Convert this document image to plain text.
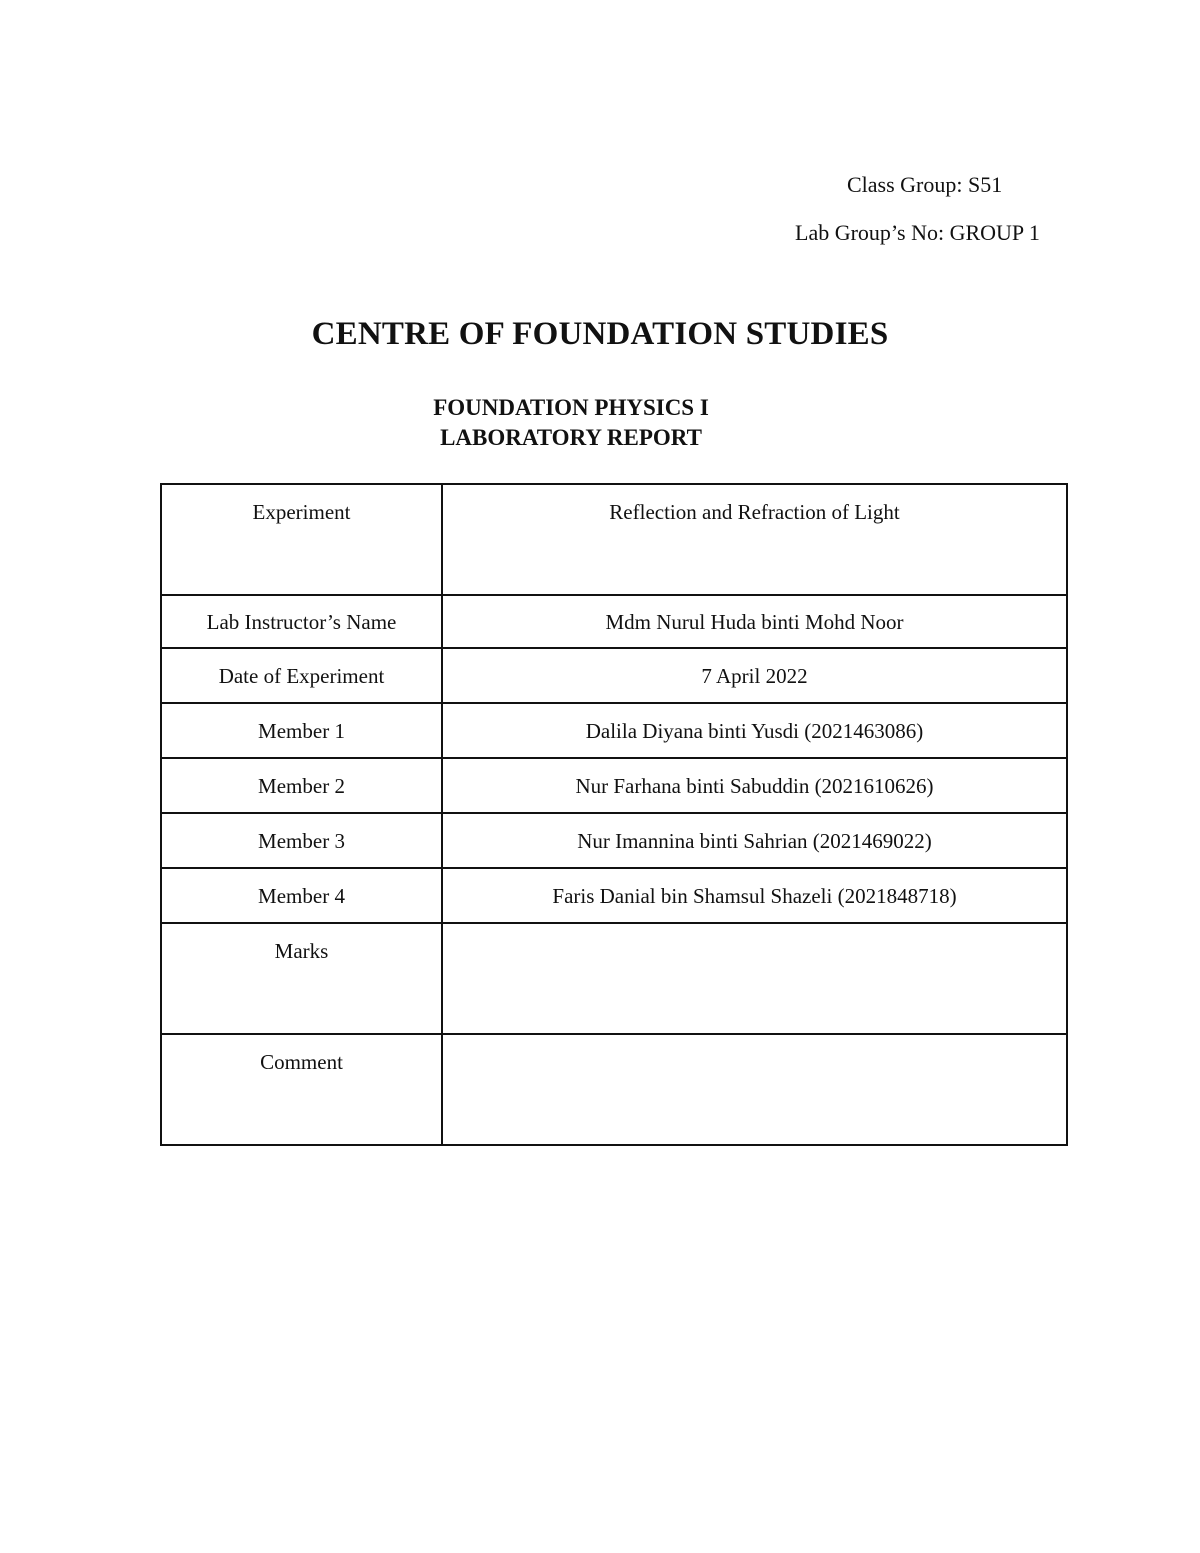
Class Group: S51
Lab Group’s No: GROUP 1
CENTRE OF FOUNDATION STUDIES
FOUNDATION PHYSICS I
LABORATORY REPORT
Experiment	Reflection and Refraction of Light

Lab Instructor’s Name	Mdm Nurul Huda binti Mohd Noor
Date of Experiment	7 April 2022
Member 1	Dalila Diyana binti Yusdi (2021463086)
Member 2	Nur Farhana binti Sabuddin (2021610626)
Member 3	Nur Imannina binti Sahrian (2021469022)
Member 4	Faris Danial bin Shamsul Shazeli (2021848718)

Marks	

Comment	
